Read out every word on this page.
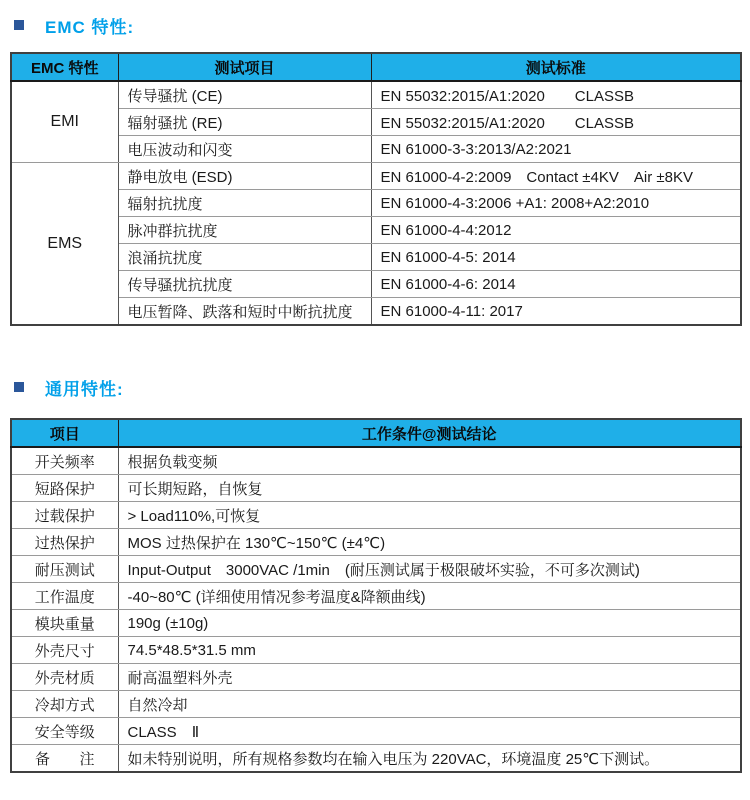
EMC 特性:
EMC 特性	测试项目	测试标准
EMI	传导骚扰 (CE)	EN 55032:2015/A1:2020　　CLASSB
	辐射骚扰 (RE)	EN 55032:2015/A1:2020　　CLASSB
	电压波动和闪变	EN 61000-3-3:2013/A2:2021
EMS	静电放电 (ESD)	EN 61000-4-2:2009　Contact ±4KV　Air ±8KV
	辐射抗扰度	EN 61000-4-3:2006 +A1: 2008+A2:2010
	脉冲群抗扰度	EN 61000-4-4:2012
	浪涌抗扰度	EN 61000-4-5: 2014
	传导骚扰抗扰度	EN 61000-4-6: 2014
	电压暂降、跌落和短时中断抗扰度	EN 61000-4-11: 2017
通用特性:
项目	工作条件@测试结论
开关频率	根据负载变频
短路保护	可长期短路，自恢复
过载保护	> Load110%,可恢复
过热保护	MOS 过热保护在 130℃~150℃ (±4℃)
耐压测试	Input-Output　3000VAC /1min　(耐压测试属于极限破坏实验，不可多次测试)
工作温度	-40~80℃ (详细使用情况参考温度&降额曲线)
模块重量	190g (±10g)
外壳尺寸	74.5*48.5*31.5 mm
外壳材质	耐高温塑料外壳
冷却方式	自然冷却
安全等级	CLASS　Ⅱ
备 注	如未特别说明，所有规格参数均在输入电压为 220VAC，环境温度 25℃下测试。
